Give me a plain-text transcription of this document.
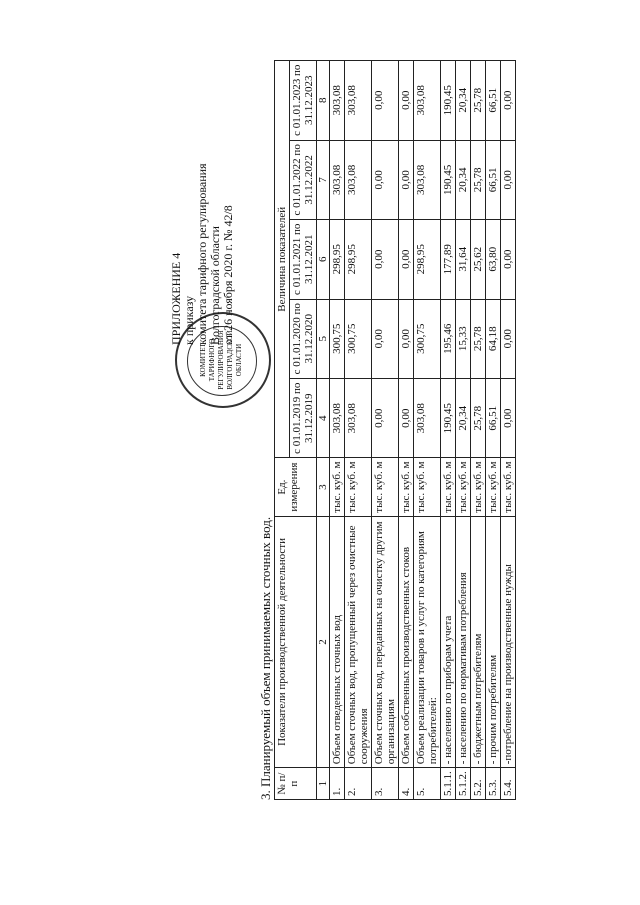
КОМИТЕТ ТАРИФНОГО РЕГУЛИРОВАНИЯ ВОЛГОГРАДСКОЙ ОБЛАСТИ
ПРИЛОЖЕНИЕ 4 к приказу комитета тарифного регулирования Волгоградской области от 26 ноября 2020 г. № 42/8
3. Планируемый объем принимаемых сточных вод. № п/п	Показатели производственной деятельности	Ед. измерения	Величина показателей				
			с 01.01.2019 по 31.12.2019	с 01.01.2020 по 31.12.2020	с 01.01.2021 по 31.12.2021	с 01.01.2022 по 31.12.2022	с 01.01.2023 по 31.12.2023
1	2	3	4	5	6	7	8
1.	Объем отведенных сточных вод	тыс. куб. м	303,08	300,75	298,95	303,08	303,08
2.	Объем сточных вод, пропущенный через очистные сооружения	тыс. куб. м	303,08	300,75	298,95	303,08	303,08
3.	Объем сточных вод, переданных на очистку другим организациям	тыс. куб. м	0,00	0,00	0,00	0,00	0,00
4.	Объем собственных производственных стоков	тыс. куб. м	0,00	0,00	0,00	0,00	0,00
5.	Объем реализации товаров и услуг по категориям потребителей:	тыс. куб. м	303,08	300,75	298,95	303,08	303,08
5.1.1.	- населению по приборам учета	тыс. куб. м	190,45	195,46	177,89	190,45	190,45
5.1.2.	- населению по нормативам потребления	тыс. куб. м	20,34	15,33	31,64	20,34	20,34
5.2.	- бюджетным потребителям	тыс. куб. м	25,78	25,78	25,62	25,78	25,78
5.3.	- прочим потребителям	тыс. куб. м	66,51	64,18	63,80	66,51	66,51
5.4.	-потребление на производственные нужды	тыс. куб. м	0,00	0,00	0,00	0,00	0,00
